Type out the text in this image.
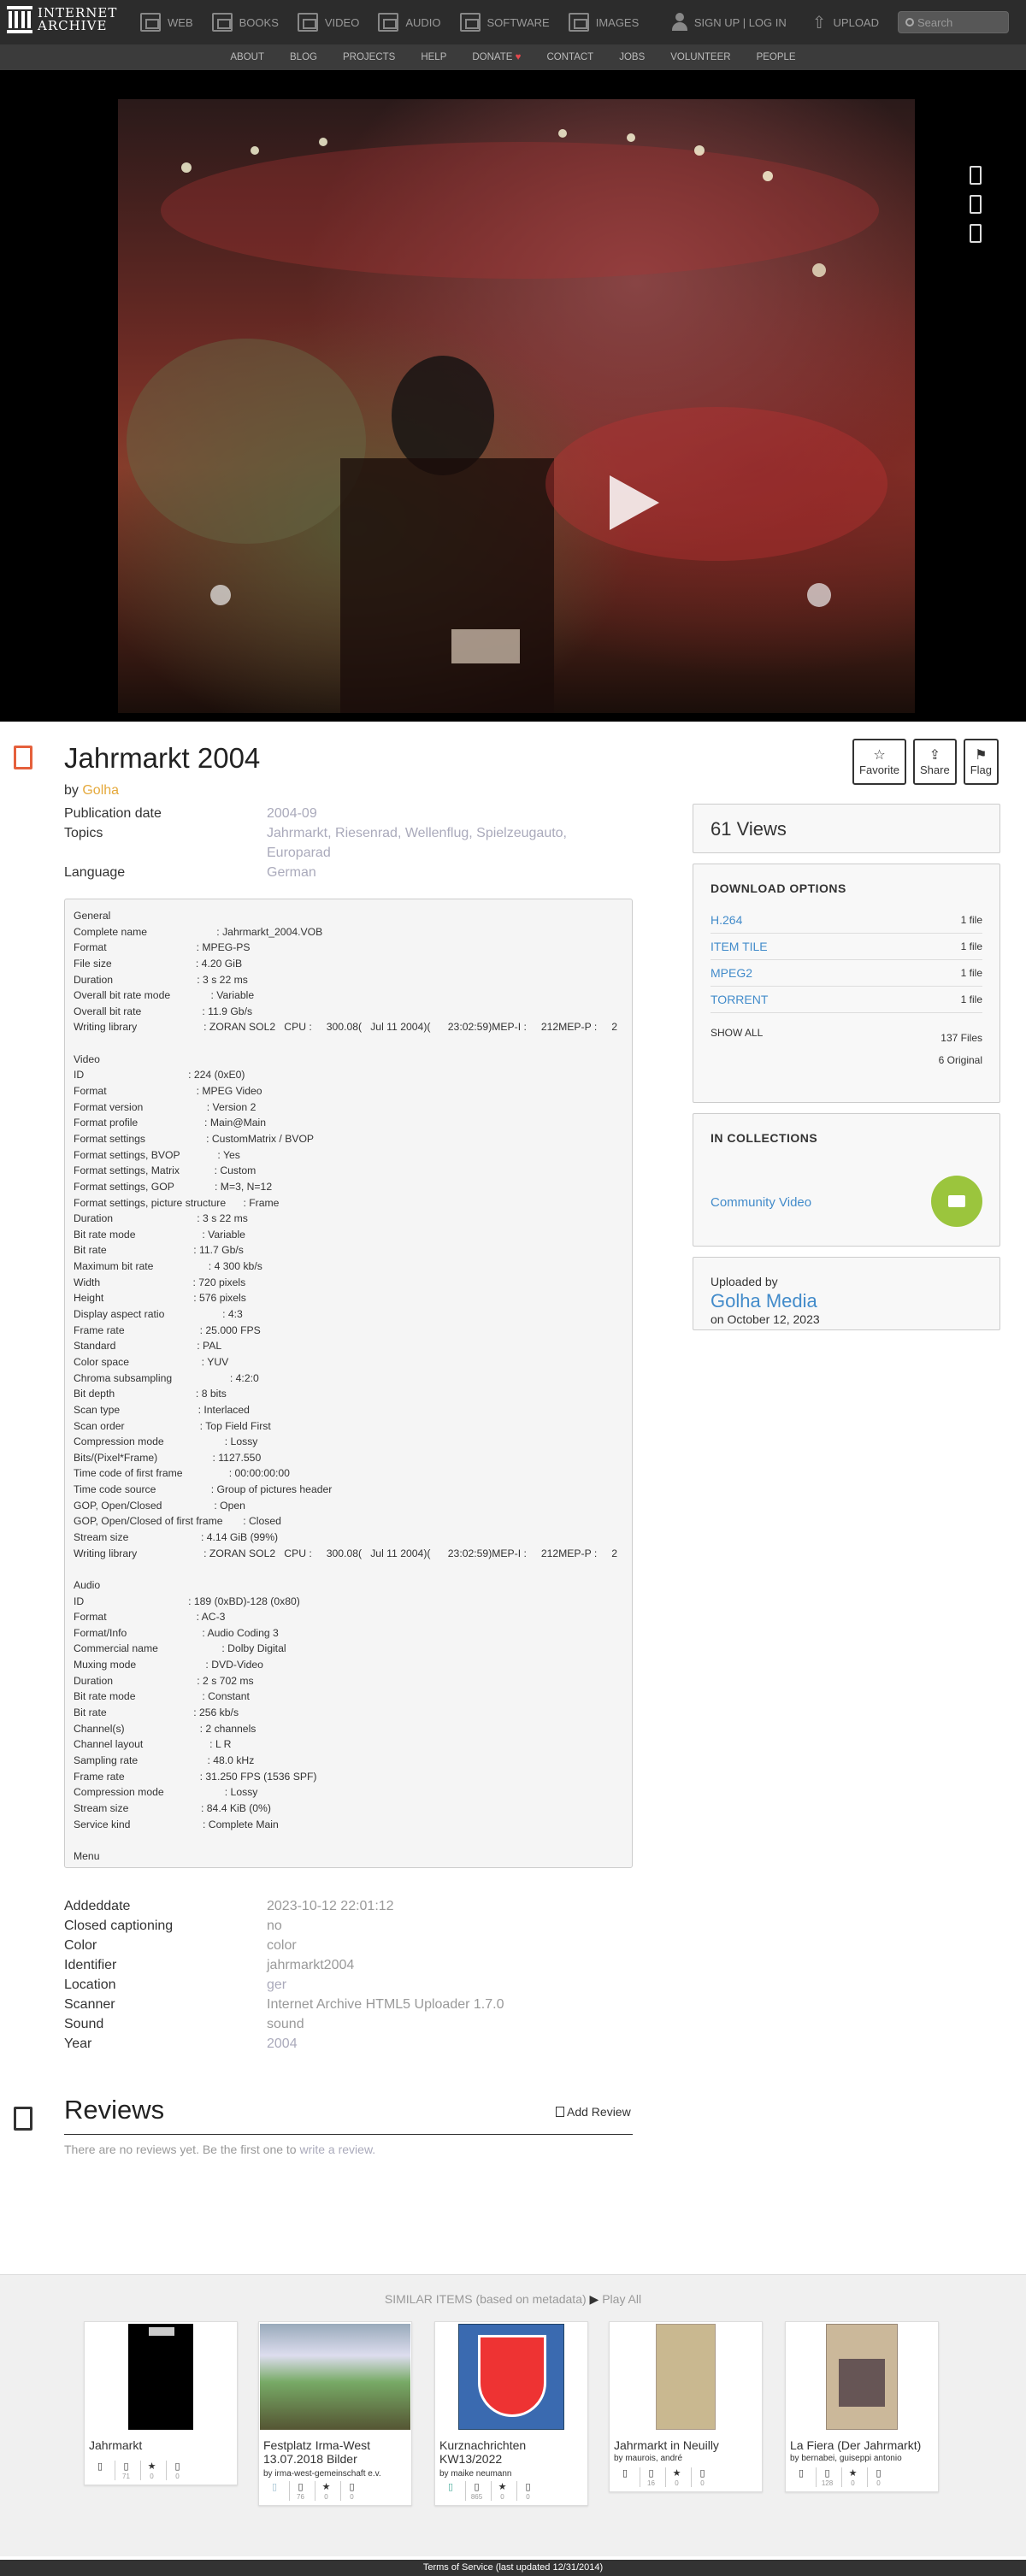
INTERNET
ARCHIVE	WEB	BOOKS	VIDEO	AUDIO	SOFTWARE	IMAGES	SIGN UP | LOG IN ⇧ UPLOAD
Search
ABOUT	BLOG	PROJECTS	HELP	DONATE ♥	CONTACT	JOBS	VOLUNTEER	PEOPLE
Jahrmarkt 2004
by Golha
☆
Favorite
⇪
Share
⚑
Flag
Publication date	2004-09
Topics	Jahrmarkt, Riesenrad, Wellenflug, Spielzeugauto,
Europarad
Language	German
General
Complete name                        : Jahrmarkt_2004.VOB
Format                               : MPEG-PS
File size                             : 4.20 GiB
Duration                             : 3 s 22 ms
Overall bit rate mode              : Variable
Overall bit rate                     : 11.9 Gb/s
Writing library                       : ZORAN SOL2   CPU :     300.08(   Jul 11 2004)(      23:02:59)MEP-I :     212MEP-P :     2
Video
ID                                    : 224 (0xE0)
Format                               : MPEG Video
Format version                      : Version 2
Format profile                       : Main@Main
Format settings                     : CustomMatrix / BVOP
Format settings, BVOP             : Yes
Format settings, Matrix            : Custom
Format settings, GOP              : M=3, N=12
Format settings, picture structure      : Frame
Duration                             : 3 s 22 ms
Bit rate mode                       : Variable
Bit rate                              : 11.7 Gb/s
Maximum bit rate                   : 4 300 kb/s
Width                                : 720 pixels
Height                               : 576 pixels
Display aspect ratio                    : 4:3
Frame rate                          : 25.000 FPS
Standard                            : PAL
Color space                         : YUV
Chroma subsampling                    : 4:2:0
Bit depth                            : 8 bits
Scan type                           : Interlaced
Scan order                          : Top Field First
Compression mode                     : Lossy
Bits/(Pixel*Frame)                   : 1127.550
Time code of first frame                : 00:00:00:00
Time code source                   : Group of pictures header
GOP, Open/Closed                  : Open
GOP, Open/Closed of first frame       : Closed
Stream size                         : 4.14 GiB (99%)
Writing library                       : ZORAN SOL2   CPU :     300.08(   Jul 11 2004)(      23:02:59)MEP-I :     212MEP-P :     2
Audio
ID                                    : 189 (0xBD)-128 (0x80)
Format                               : AC-3
Format/Info                          : Audio Coding 3
Commercial name                      : Dolby Digital
Muxing mode                        : DVD-Video
Duration                             : 2 s 702 ms
Bit rate mode                       : Constant
Bit rate                              : 256 kb/s
Channel(s)                          : 2 channels
Channel layout                       : L R
Sampling rate                        : 48.0 kHz
Frame rate                          : 31.250 FPS (1536 SPF)
Compression mode                     : Lossy
Stream size                         : 84.4 KiB (0%)
Service kind                         : Complete Main
Menu
Addeddate	2023-10-12 22:01:12
Closed captioning	no
Color	color
Identifier	jahrmarkt2004
Location	ger
Scanner	Internet Archive HTML5 Uploader 1.7.0
Sound	sound
Year	2004
61 Views
DOWNLOAD OPTIONS
H.264	1 file
ITEM TILE	1 file
MPEG2	1 file
TORRENT	1 file
SHOW ALL	137 Files
6 Original
IN COLLECTIONS
Community Video
Uploaded by
Golha Media
on October 12, 2023
Reviews	Add Review
There are no reviews yet. Be the first one to write a review.
SIMILAR ITEMS (based on metadata) ▶ Play All
Jahrmarkt
▯	▯
71
★
0
▯
0
Festplatz Irma-West
13.07.2018 Bilder
by irma-west-gemeinschaft e.v.
▯	▯
76
★
0
▯
0
Kurznachrichten
KW13/2022
by maike neumann
▯	▯
865
★
0
▯
0
Jahrmarkt in Neuilly
by maurois, andré
▯	▯
16
★
0
▯
0
La Fiera (Der Jahrmarkt)
by bernabei, guiseppi antonio
▯	▯
128
★
0
▯
0
Terms of Service (last updated 12/31/2014)
